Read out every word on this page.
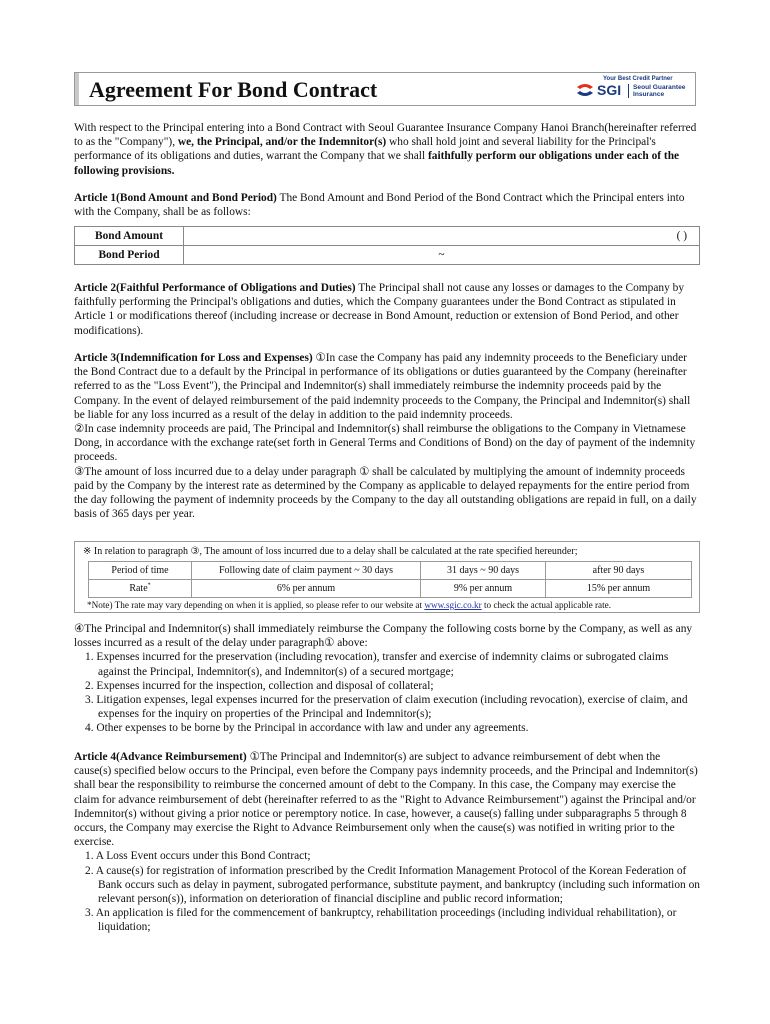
Agreement For Bond Contract	Your Best Credit Partner
SGI Seoul Guarantee
Insurance

With respect to the Principal entering into a Bond Contract with Seoul Guarantee Insurance Company Hanoi Branch(hereinafter referred to as the "Company"), we, the Principal, and/or the Indemnitor(s) who shall hold joint and several liability for the Principal's performance of its obligations and duties, warrant the Company that we shall faithfully perform our obligations under each of the following provisions.

Article 1(Bond Amount and Bond Period) The Bond Amount and Bond Period of the Bond Contract which the Principal enters into with the Company, shall be as follows:

Bond Amount	( )

Bond Period	~

Article 2(Faithful Performance of Obligations and Duties) The Principal shall not cause any losses or damages to the Company by faithfully performing the Principal's obligations and duties, which the Company guarantees under the Bond Contract as stipulated in Article 1 or modifications thereof (including increase or decrease in Bond Amount, reduction or extension of Bond Period, and other modifications).

Article 3(Indemnification for Loss and Expenses) ①In case the Company has paid any indemnity proceeds to the Beneficiary under the Bond Contract due to a default by the Principal in performance of its obligations or duties guaranteed by the Company (hereinafter referred to as the "Loss Event"), the Principal and Indemnitor(s) shall immediately reimburse the indemnity proceeds paid by the Company. In the event of delayed reimbursement of the paid indemnity proceeds to the Company, the Principal and Indemnitor(s) shall be liable for any loss incurred as a result of the delay in addition to the paid indemnity proceeds.

②In case indemnity proceeds are paid, The Principal and Indemnitor(s) shall reimburse the obligations to the Company in Vietnamese Dong, in accordance with the exchange rate(set forth in General Terms and Conditions of Bond) on the day of payment of the indemnity proceeds.

③The amount of loss incurred due to a delay under paragraph ① shall be calculated by multiplying the amount of indemnity proceeds paid by the Company by the interest rate as determined by the Company as applicable to delayed repayments for the entire period from the day following the payment of indemnity proceeds by the Company to the day all outstanding obligations are repaid in full, on a daily basis of 365 days per year.

※ In relation to paragraph ③, The amount of loss incurred due to a delay shall be calculated at the rate specified hereunder;
Period of time	Following date of claim payment ~ 30 days	31 days ~ 90 days	after 90 days
Rate*	6% per annum	9% per annum	15% per annum
*Note) The rate may vary depending on when it is applied, so please refer to our website at www.sgic.co.kr to check the actual applicable rate.

④The Principal and Indemnitor(s) shall immediately reimburse the Company the following costs borne by the Company, as well as any losses incurred as a result of the delay under paragraph① above:

1. Expenses incurred for the preservation (including revocation), transfer and exercise of indemnity claims or subrogated claims against the Principal, Indemnitor(s), and Indemnitor(s) of a secured mortgage;
2. Expenses incurred for the inspection, collection and disposal of collateral;
3. Litigation expenses, legal expenses incurred for the preservation of claim execution (including revocation), exercise of claim, and expenses for the inquiry on properties of the Principal and Indemnitor(s);
4. Other expenses to be borne by the Principal in accordance with law and under any agreements.

Article 4(Advance Reimbursement) ①The Principal and Indemnitor(s) are subject to advance reimbursement of debt when the cause(s) specified below occurs to the Principal, even before the Company pays indemnity proceeds, and the Principal and Indemnitor(s) shall bear the responsibility to reimburse the concerned amount of debt to the Company. In this case, the Company may exercise the claim for advance reimbursement of debt (hereinafter referred to as the "Right to Advance Reimbursement") against the Principal and/or Indemnitor(s) without giving a prior notice or peremptory notice. In case, however, a cause(s) falling under subparagraphs 5 through 8 occurs, the Company may exercise the Right to Advance Reimbursement only when the cause(s) was notified in writing prior to the exercise.

1. A Loss Event occurs under this Bond Contract;
2. A cause(s) for registration of information prescribed by the Credit Information Management Protocol of the Korean Federation of Bank occurs such as delay in payment, subrogated performance, substitute payment, and bankruptcy (including such information on relevant person(s)), information on deterioration of financial discipline and public record information;
3. An application is filed for the commencement of bankruptcy, rehabilitation proceedings (including individual rehabilitation), or liquidation;
